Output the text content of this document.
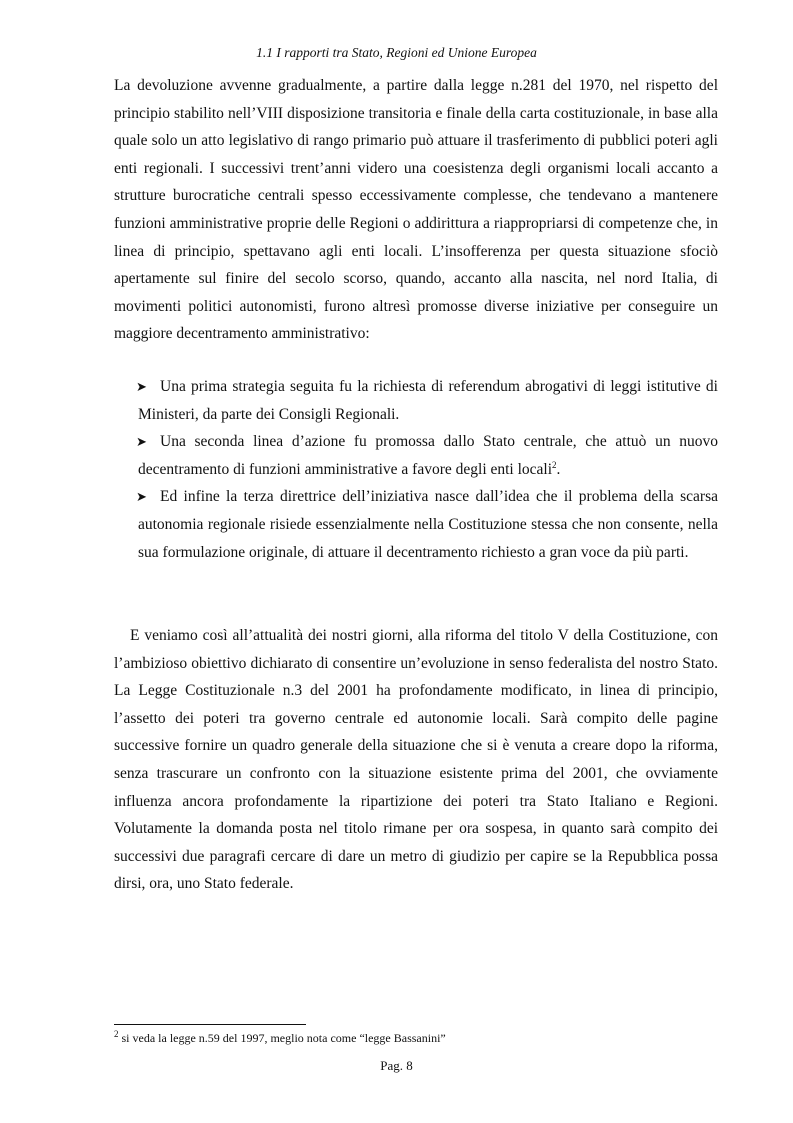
1.1 I rapporti tra Stato, Regioni ed Unione Europea

La devoluzione avvenne gradualmente, a partire dalla legge n.281 del 1970, nel rispetto del principio stabilito nell’VIII disposizione transitoria e finale della carta costituzionale, in base alla quale solo un atto legislativo di rango primario può attuare il trasferimento di pubblici poteri agli enti regionali. I successivi trent’anni videro una coesistenza degli organismi locali accanto a strutture burocratiche centrali spesso eccessivamente complesse, che tendevano a mantenere funzioni amministrative proprie delle Regioni o addirittura a riappropriarsi di competenze che, in linea di principio, spettavano agli enti locali. L’insofferenza per questa situazione sfociò apertamente sul finire del secolo scorso, quando, accanto alla nascita, nel nord Italia, di movimenti politici autonomisti, furono altresì promosse diverse iniziative per conseguire un maggiore decentramento amministrativo:

➤ Una prima strategia seguita fu la richiesta di referendum abrogativi di leggi istitutive di Ministeri, da parte dei Consigli Regionali.
➤ Una seconda linea d’azione fu promossa dallo Stato centrale, che attuò un nuovo decentramento di funzioni amministrative a favore degli enti locali$^2$.
➤ Ed infine la terza direttrice dell’iniziativa nasce dall’idea che il problema della scarsa autonomia regionale risiede essenzialmente nella Costituzione stessa che non consente, nella sua formulazione originale, di attuare il decentramento richiesto a gran voce da più parti.

E veniamo così all’attualità dei nostri giorni, alla riforma del titolo V della Costituzione, con l’ambizioso obiettivo dichiarato di consentire un’evoluzione in senso federalista del nostro Stato. La Legge Costituzionale n.3 del 2001 ha profondamente modificato, in linea di principio, l’assetto dei poteri tra governo centrale ed autonomie locali. Sarà compito delle pagine successive fornire un quadro generale della situazione che si è venuta a creare dopo la riforma, senza trascurare un confronto con la situazione esistente prima del 2001, che ovviamente influenza ancora profondamente la ripartizione dei poteri tra Stato Italiano e Regioni. Volutamente la domanda posta nel titolo rimane per ora sospesa, in quanto sarà compito dei successivi due paragrafi cercare di dare un metro di giudizio per capire se la Repubblica possa dirsi, ora, uno Stato federale.

$^2$ si veda la legge n.59 del 1997, meglio nota come “legge Bassanini”
Pag. 8
